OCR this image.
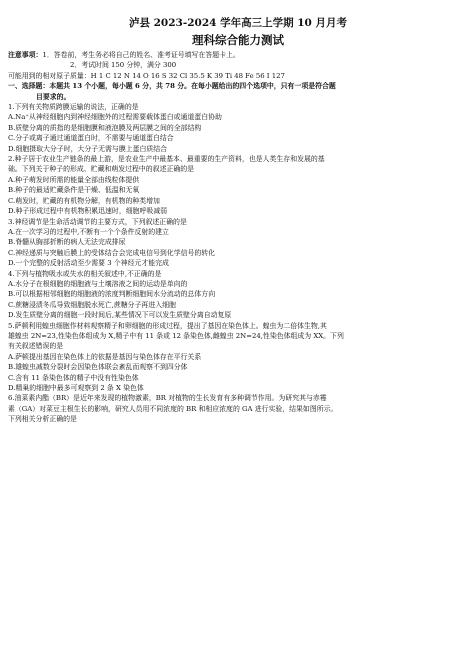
泸县 2023-2024 学年高三上学期 10 月月考
理科综合能力测试
注意事项：1．答卷前，考生务必将自己的姓名、准考证号填写在答题卡上。
2．考试时间 150 分钟，满分 300
可能用到的相对原子质量：H 1 C 12 N 14 O 16 S 32 Cl 35.5 K 39 Ti 48 Fe 56 I 127
一、选择题：本题共 13 个小题，每小题 6 分，共 78 分。在每小题给出的四个选项中，只有一项是符合题
目要求的。
1.下列有关物质跨膜运输的说法，正确的是
A.Na⁺从神经细胞内到神经细胞外的过程需要载体蛋白或通道蛋白协助
B.质壁分离的质指的是细胞膜和液泡膜及两层膜之间的全部结构
C.分子或离子通过通道蛋白时，不需要与通道蛋白结合
D.细胞摄取大分子时，大分子无需与膜上蛋白质结合
2.种子居于农业生产链条的最上游，是农业生产中最基本、最重要的生产资料，也是人类生存和发展的基
础。下列关于种子的形成、贮藏和萌发过程中的叙述正确的是
A.种子萌发时所需的能量全部由线粒体提供
B.种子的最适贮藏条件是干燥、低温和无氧
C.萌发时，贮藏的有机物分解，有机物的种类增加
D.种子形成过程中有机物积累迅速时，细胞呼吸减弱
3.神经调节是生命活动调节的主要方式，下列叙述正确的是
A.在一次学习的过程中,不断有一个个条件反射的建立
B.脊髓从胸部折断的病人无法完成排尿
C.神经递质与突触后膜上的受体结合会完成电信号到化学信号的转化
D.一个完整的反射活动至少需要 3 个神经元才能完成
4.下列与植物吸水或失水的相关叙述中,不正确的是
A.水分子在根细胞的细胞液与土壤溶液之间的运动是单向的
B.可以根据相邻细胞的细胞液的浓度判断细胞间水分流动的总体方向
C.蔗糖浸渍冬瓜导致细胞脱水死亡,蔗糖分子再进入细胞
D.发生质壁分离的细胞一段时间后,某些情况下可以发生质壁分离自动复原
5.萨顿利用蝗虫细胞作材料观察精子和卵细胞的形成过程，提出了基因在染色体上。蝗虫为二倍体生物,其
雄蝗虫 2N=23,性染色体组成为 X,精子中有 11 条或 12 条染色体,雌蝗虫 2N=24,性染色体组成为 XX。下列
有关叙述错误的是
A.萨顿提出基因在染色体上的依据是基因与染色体存在平行关系
B.雄蝗虫减数分裂时会因染色体联会紊乱而观察不到四分体
C.含有 11 条染色体的精子中没有性染色体
D.精巢的细胞中最多可观察到 2 条 X 染色体
6.油菜素内酯（BR）是近年来发现的植物激素，BR 对植物的生长发育有多种调节作用。为研究其与赤霉
素（GA）对菜豆主根生长的影响，研究人员用不同浓度的 BR 和相应浓度的 GA 进行实验，结果如图所示。
下列相关分析正确的是
